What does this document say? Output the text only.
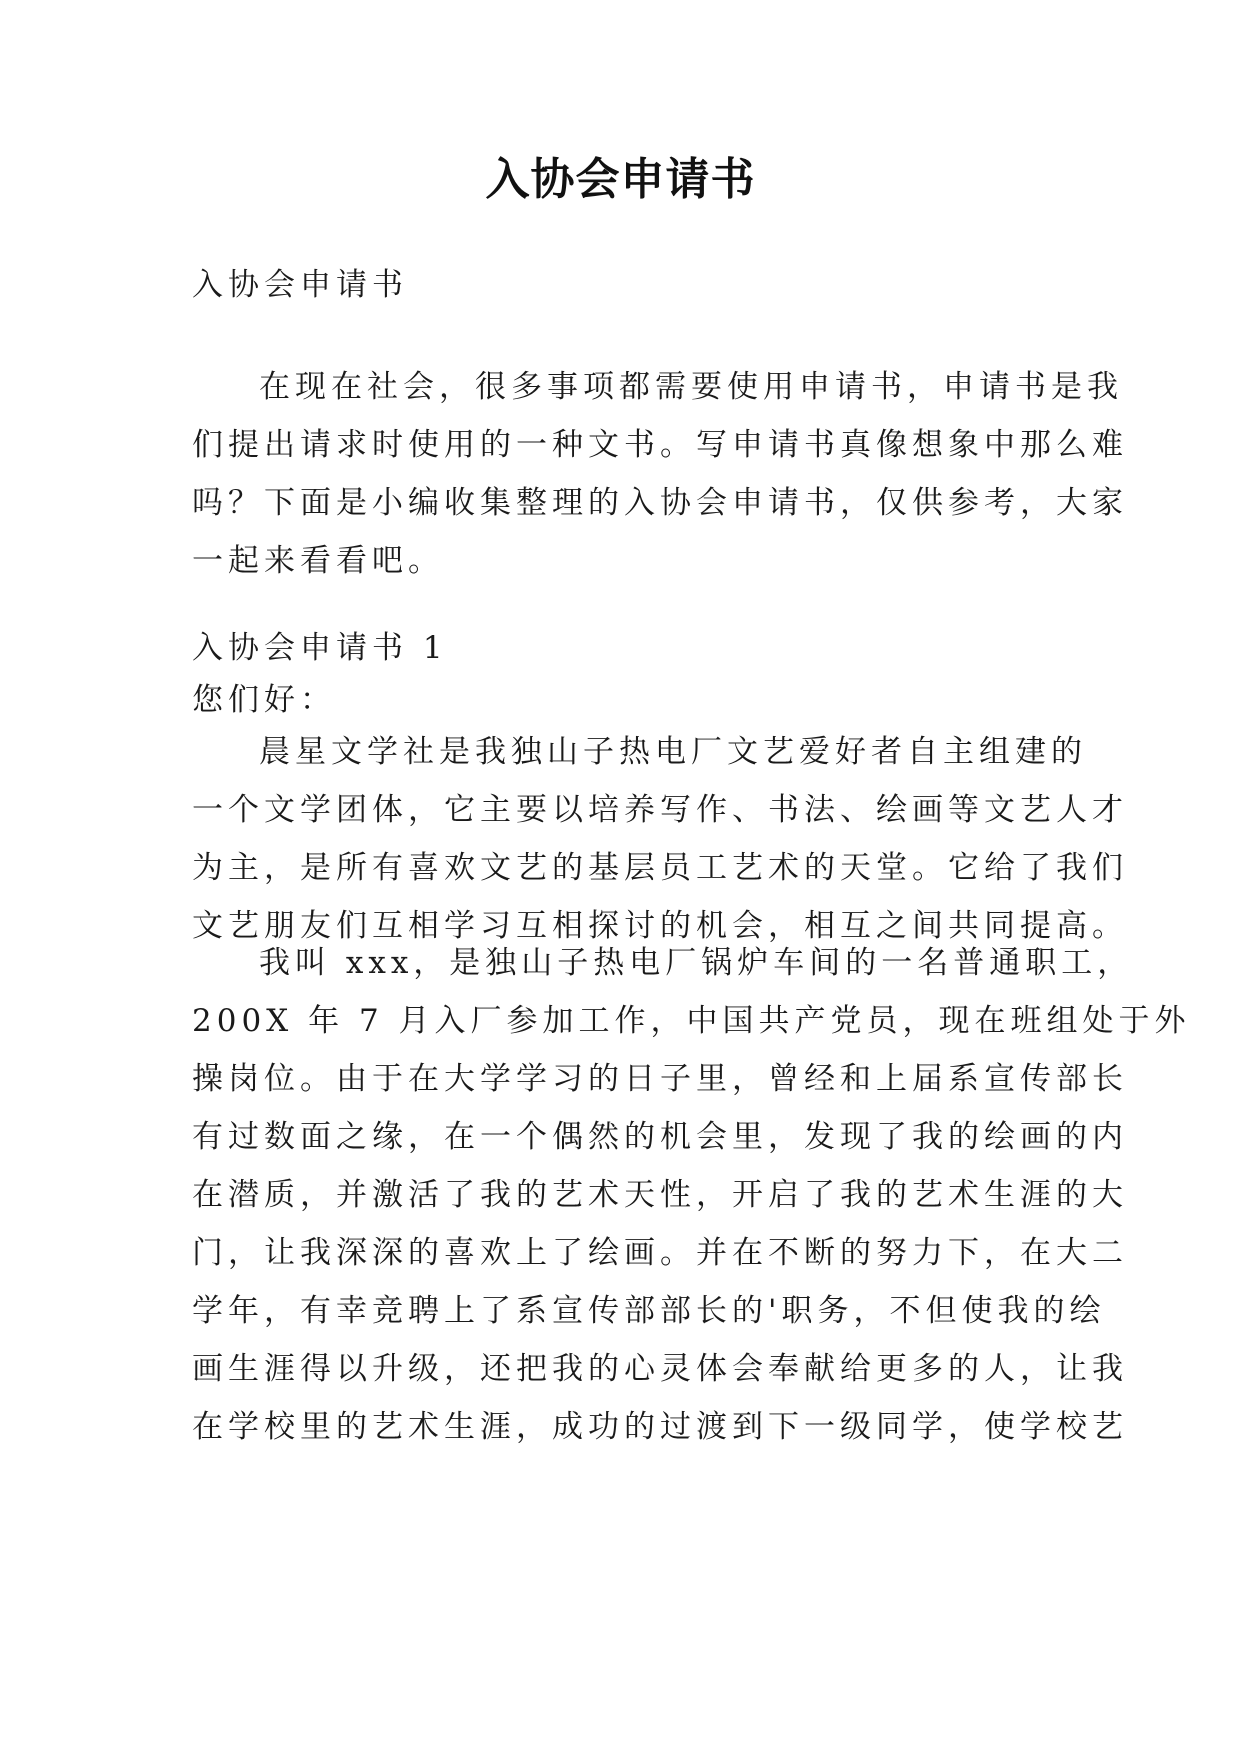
入协会申请书
入协会申请书
在现在社会，很多事项都需要使用申请书，申请书是我
们提出请求时使用的一种文书。写申请书真像想象中那么难
吗？下面是小编收集整理的入协会申请书，仅供参考，大家
一起来看看吧。
入协会申请书 1
您们好：
晨星文学社是我独山子热电厂文艺爱好者自主组建的
一个文学团体，它主要以培养写作、书法、绘画等文艺人才
为主，是所有喜欢文艺的基层员工艺术的天堂。它给了我们
文艺朋友们互相学习互相探讨的机会，相互之间共同提高。
我叫 xxx，是独山子热电厂锅炉车间的一名普通职工，
200X 年 7 月入厂参加工作，中国共产党员，现在班组处于外
操岗位。由于在大学学习的日子里，曾经和上届系宣传部长
有过数面之缘，在一个偶然的机会里，发现了我的绘画的内
在潜质，并激活了我的艺术天性，开启了我的艺术生涯的大
门，让我深深的喜欢上了绘画。并在不断的努力下，在大二
学年，有幸竞聘上了系宣传部部长的'职务，不但使我的绘
画生涯得以升级，还把我的心灵体会奉献给更多的人，让我
在学校里的艺术生涯，成功的过渡到下一级同学，使学校艺
